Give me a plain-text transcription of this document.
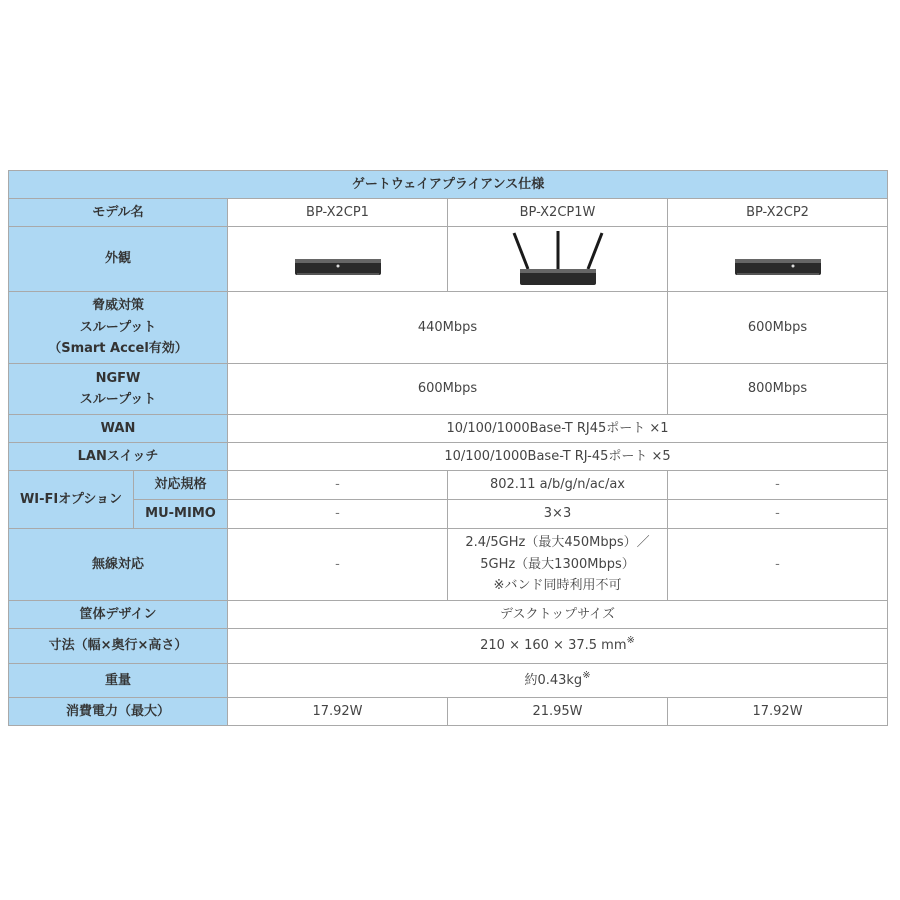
ゲートウェイアプライアンス仕様				
モデル名		BP-X2CP1	BP-X2CP1W	BP-X2CP2
外観	

脅威対策
スループット
（Smart Accel有効）		440Mbps		600Mbps

NGFW
スループット		600Mbps		800Mbps
WAN		10/100/1000Base-T RJ45ポート ×1		
LANスイッチ		10/100/1000Base-T RJ-45ポート ×5		
WI-FIオプション	対応規格	-	802.11 a/b/g/n/ac/ax	-
	MU-MIMO	-	3×3	-
無線対応		-	2.4/5GHz（最大450Mbps）／
5GHz（最大1300Mbps）
※バンド同時利用不可	-
筐体デザイン		デスクトップサイズ		
寸法（幅×奥行×高さ）		210 × 160 × 37.5 mm※
重量		約0.43kg※
消費電力（最大）		17.92W	21.95W	17.92W
